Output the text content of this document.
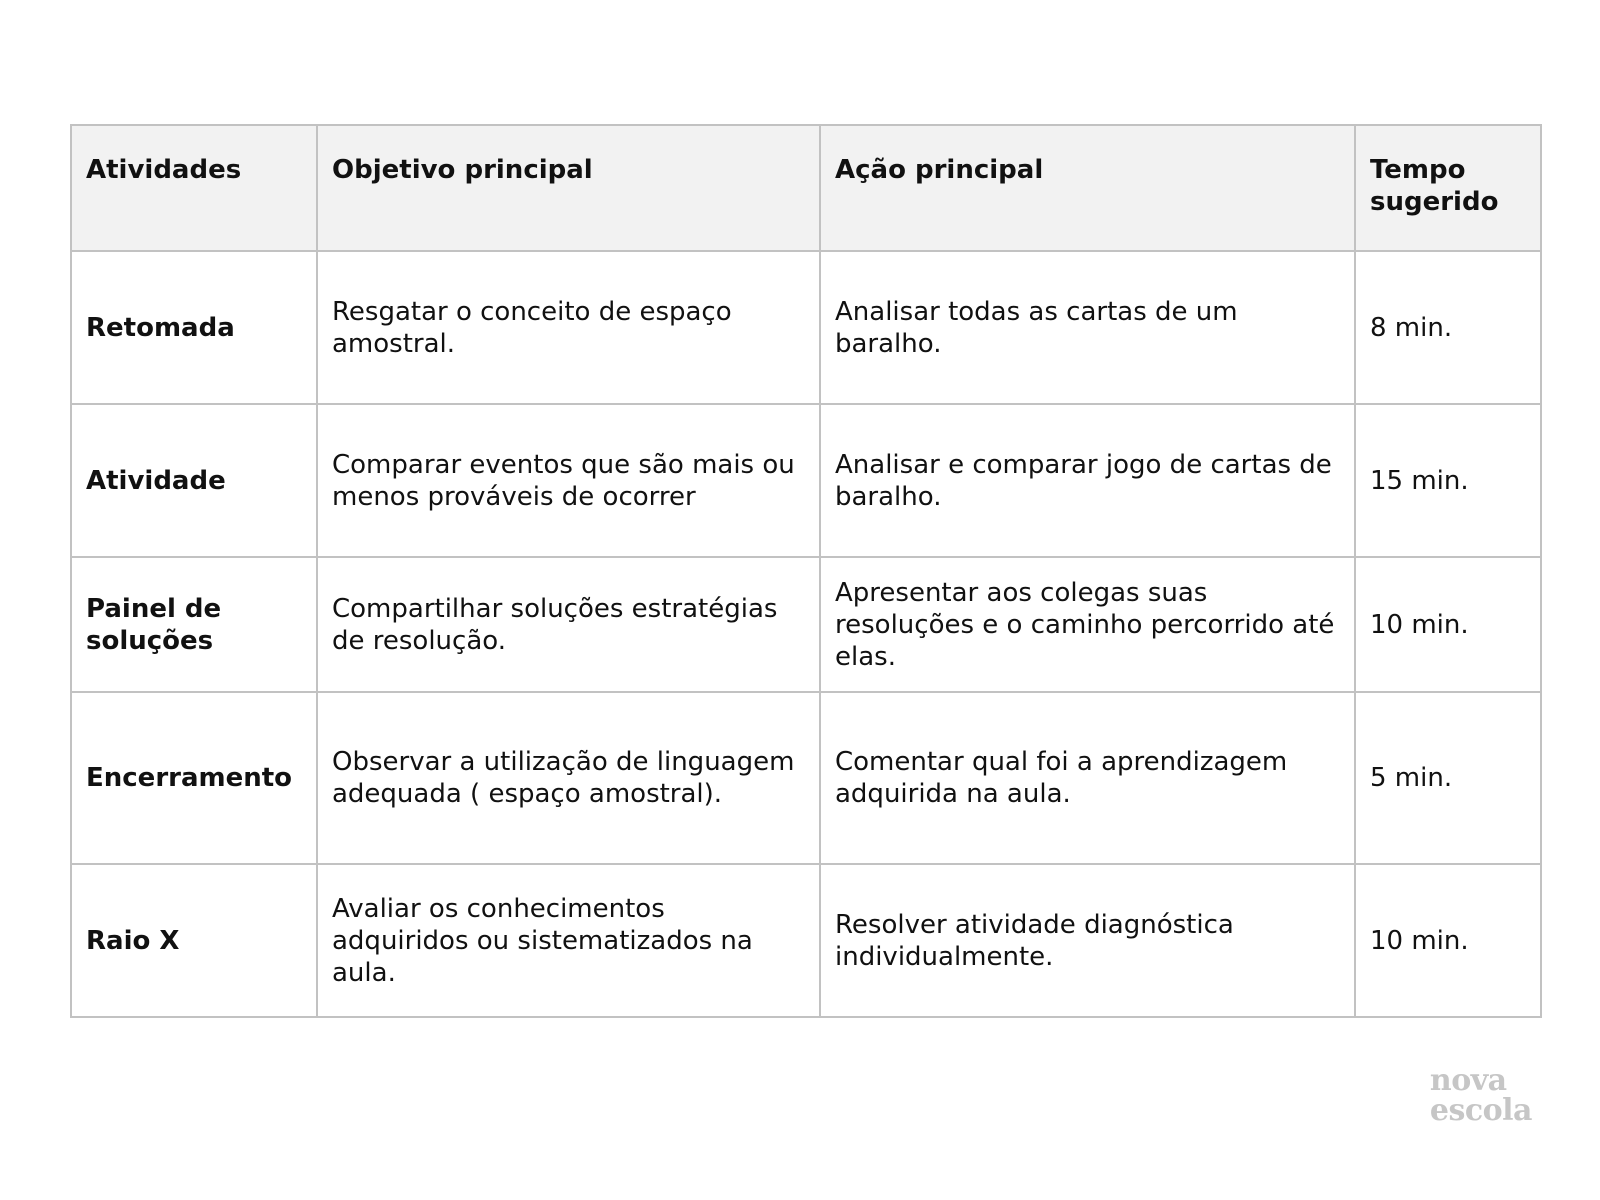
Atividades	Objetivo principal	Ação principal	Tempo sugerido
Retomada	Resgatar o conceito de espaço amostral.	Analisar todas as cartas de um baralho.	8 min.
Atividade	Comparar eventos que são mais ou menos prováveis de ocorrer	Analisar e comparar jogo de cartas de baralho.	15 min.
Painel de soluções	Compartilhar soluções estratégias de resolução.	Apresentar aos colegas suas resoluções e o caminho percorrido até elas.	10 min.
Encerramento	Observar a utilização de linguagem adequada ( espaço amostral).	Comentar qual foi a aprendizagem adquirida na aula.	5 min.
Raio X	Avaliar os conhecimentos adquiridos ou sistematizados na aula.	Resolver atividade diagnóstica individualmente.	10 min.
nova
escola
